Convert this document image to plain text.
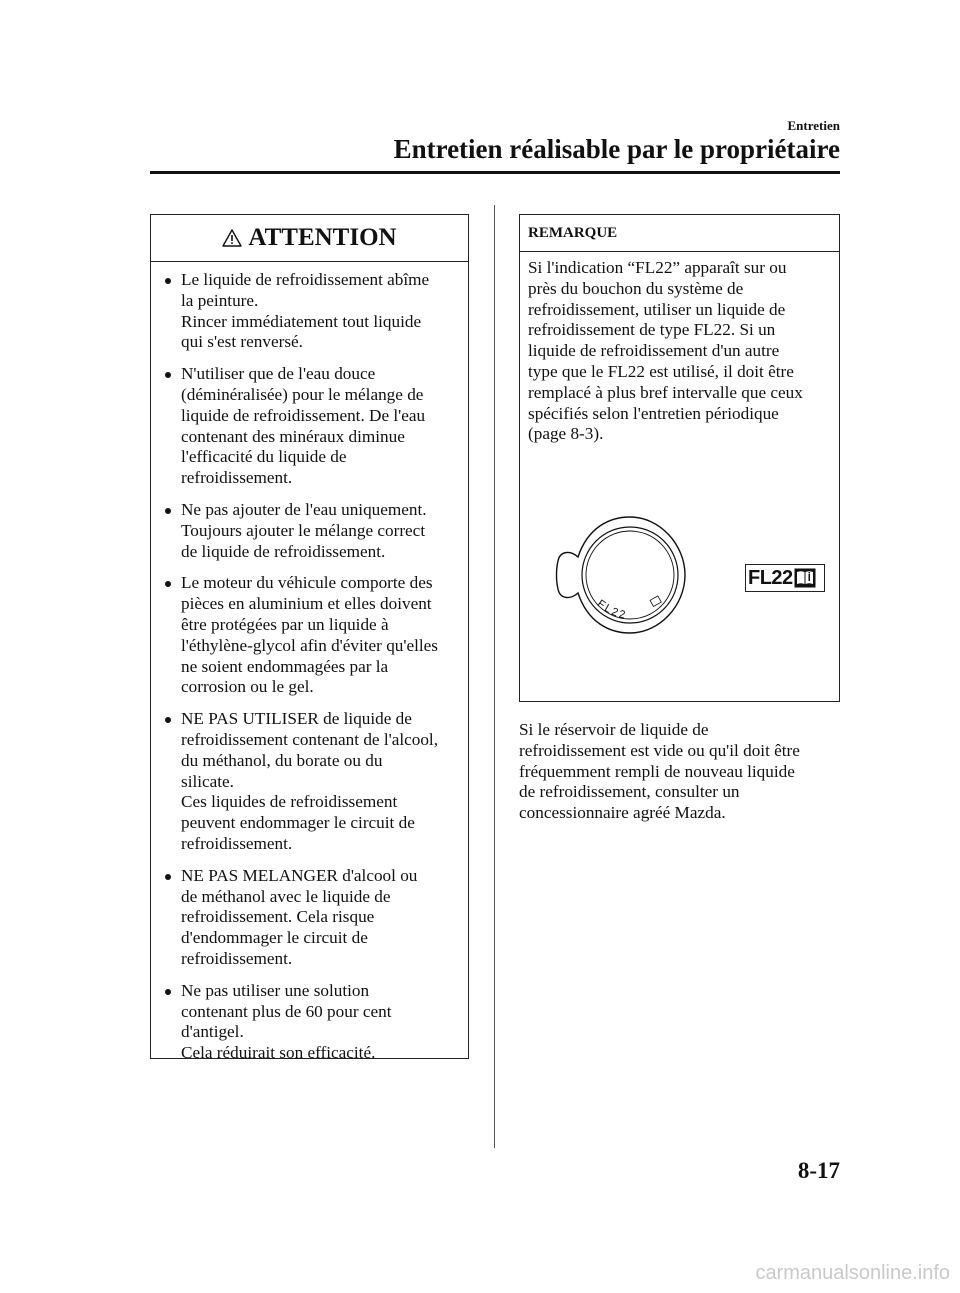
Entretien
Entretien réalisable par le propriétaire
ATTENTION
Le liquide de refroidissement abîme
la peinture.
Rincer immédiatement tout liquide
qui s'est renversé.
N'utiliser que de l'eau douce
(déminéralisée) pour le mélange de
liquide de refroidissement. De l'eau
contenant des minéraux diminue
l'efficacité du liquide de
refroidissement.
Ne pas ajouter de l'eau uniquement.
Toujours ajouter le mélange correct
de liquide de refroidissement.
Le moteur du véhicule comporte des
pièces en aluminium et elles doivent
être protégées par un liquide à
l'éthylène-glycol afin d'éviter qu'elles
ne soient endommagées par la
corrosion ou le gel.
NE PAS UTILISER de liquide de
refroidissement contenant de l'alcool,
du méthanol, du borate ou du
silicate.
Ces liquides de refroidissement
peuvent endommager le circuit de
refroidissement.
NE PAS MELANGER d'alcool ou
de méthanol avec le liquide de
refroidissement. Cela risque
d'endommager le circuit de
refroidissement.
Ne pas utiliser une solution
contenant plus de 60 pour cent
d'antigel.
Cela réduirait son efficacité.
REMARQUE
Si l'indication “FL22” apparaît sur ou
près du bouchon du système de
refroidissement, utiliser un liquide de
refroidissement de type FL22. Si un
liquide de refroidissement d'un autre
type que le FL22 est utilisé, il doit être
remplacé à plus bref intervalle que ceux
spécifiés selon l'entretien périodique
(page 8-3).
FL22
FL22
Si le réservoir de liquide de
refroidissement est vide ou qu'il doit être
fréquemment rempli de nouveau liquide
de refroidissement, consulter un
concessionnaire agréé Mazda.
8-17
carmanualsonline.info
